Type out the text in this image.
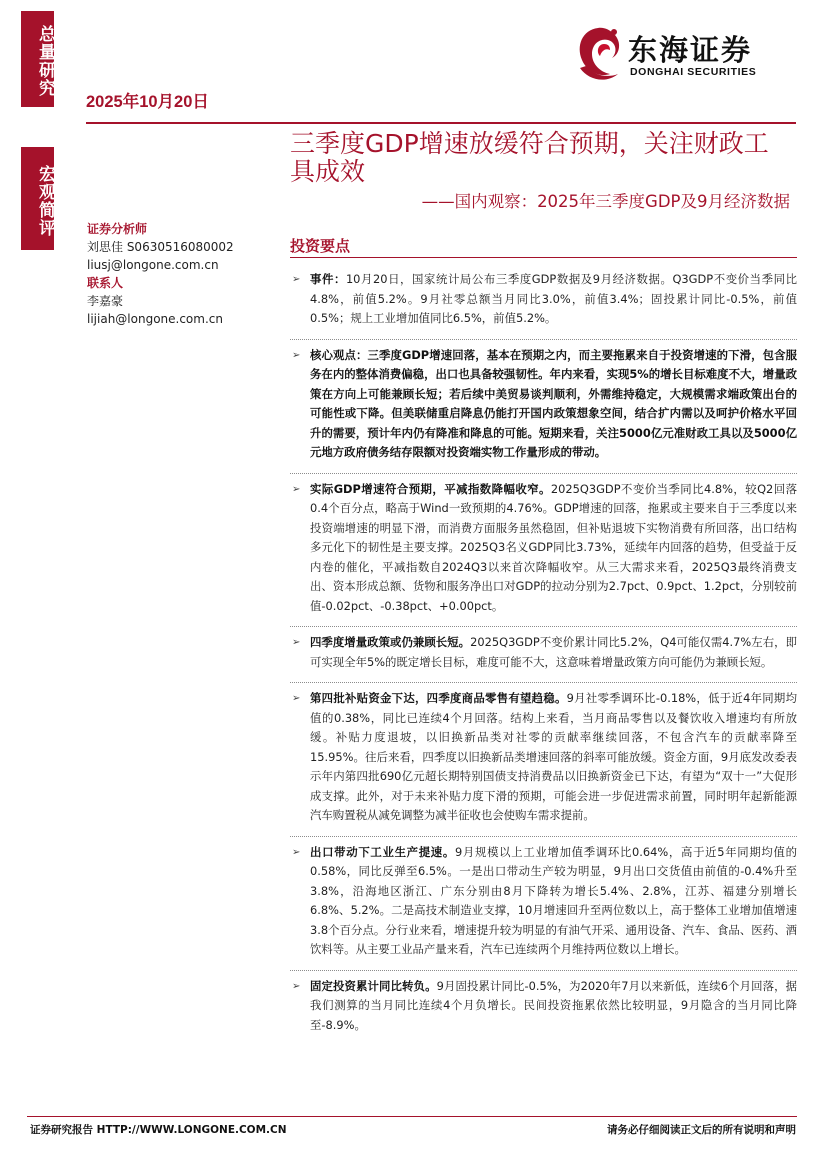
总量研究
宏观简评
2025年10月20日
东海证券
DONGHAI SECURITIES
三季度GDP增速放缓符合预期，关注财政工具成效
——国内观察：2025年三季度GDP及9月经济数据
证券分析师
刘思佳 S0630516080002
liusj@longone.com.cn
联系人
李嘉豪
lijiah@longone.com.cn
投资要点
➢ 事件：10月20日，国家统计局公布三季度GDP数据及9月经济数据。Q3GDP不变价当季同比4.8%，前值5.2%。9月社零总额当月同比3.0%，前值3.4%；固投累计同比-0.5%，前值0.5%；规上工业增加值同比6.5%，前值5.2%。
➢ 核心观点：三季度GDP增速回落，基本在预期之内，而主要拖累来自于投资增速的下滑，包含服务在内的整体消费偏稳，出口也具备较强韧性。年内来看，实现5%的增长目标难度不大，增量政策在方向上可能兼顾长短；若后续中美贸易谈判顺利，外需维持稳定，大规模需求端政策出台的可能性或下降。但美联储重启降息仍能打开国内政策想象空间，结合扩内需以及呵护价格水平回升的需要，预计年内仍有降准和降息的可能。短期来看，关注5000亿元准财政工具以及5000亿元地方政府债务结存限额对投资端实物工作量形成的带动。
➢ 实际GDP增速符合预期，平减指数降幅收窄。2025Q3GDP不变价当季同比4.8%，较Q2回落0.4个百分点，略高于Wind一致预期的4.76%。GDP增速的回落，拖累或主要来自于三季度以来投资端增速的明显下滑，而消费方面服务虽然稳固，但补贴退坡下实物消费有所回落，出口结构多元化下的韧性是主要支撑。2025Q3名义GDP同比3.73%，延续年内回落的趋势，但受益于反内卷的催化，平减指数自2024Q3以来首次降幅收窄。从三大需求来看，2025Q3最终消费支出、资本形成总额、货物和服务净出口对GDP的拉动分别为2.7pct、0.9pct、1.2pct，分别较前值-0.02pct、-0.38pct、+0.00pct。
➢ 四季度增量政策或仍兼顾长短。2025Q3GDP不变价累计同比5.2%，Q4可能仅需4.7%左右，即可实现全年5%的既定增长目标，难度可能不大，这意味着增量政策方向可能仍为兼顾长短。
➢ 第四批补贴资金下达，四季度商品零售有望趋稳。9月社零季调环比-0.18%，低于近4年同期均值的0.38%，同比已连续4个月回落。结构上来看，当月商品零售以及餐饮收入增速均有所放缓。补贴力度退坡，以旧换新品类对社零的贡献率继续回落，不包含汽车的贡献率降至15.95%。往后来看，四季度以旧换新品类增速回落的斜率可能放缓。资金方面，9月底发改委表示年内第四批690亿元超长期特别国债支持消费品以旧换新资金已下达，有望为“双十一”大促形成支撑。此外，对于未来补贴力度下滑的预期，可能会进一步促进需求前置，同时明年起新能源汽车购置税从减免调整为减半征收也会使购车需求提前。
➢ 出口带动下工业生产提速。9月规模以上工业增加值季调环比0.64%，高于近5年同期均值的0.58%，同比反弹至6.5%。一是出口带动生产较为明显，9月出口交货值由前值的-0.4%升至3.8%，沿海地区浙江、广东分别由8月下降转为增长5.4%、2.8%，江苏、福建分别增长6.8%、5.2%。二是高技术制造业支撑，10月增速回升至两位数以上，高于整体工业增加值增速3.8个百分点。分行业来看，增速提升较为明显的有油气开采、通用设备、汽车、食品、医药、酒饮料等。从主要工业品产量来看，汽车已连续两个月维持两位数以上增长。
➢ 固定投资累计同比转负。9月固投累计同比-0.5%，为2020年7月以来新低，连续6个月回落，据我们测算的当月同比连续4个月负增长。民间投资拖累依然比较明显，9月隐含的当月同比降至-8.9%。
证券研究报告 HTTP://WWW.LONGONE.COM.CN	请务必仔细阅读正文后的所有说明和声明
